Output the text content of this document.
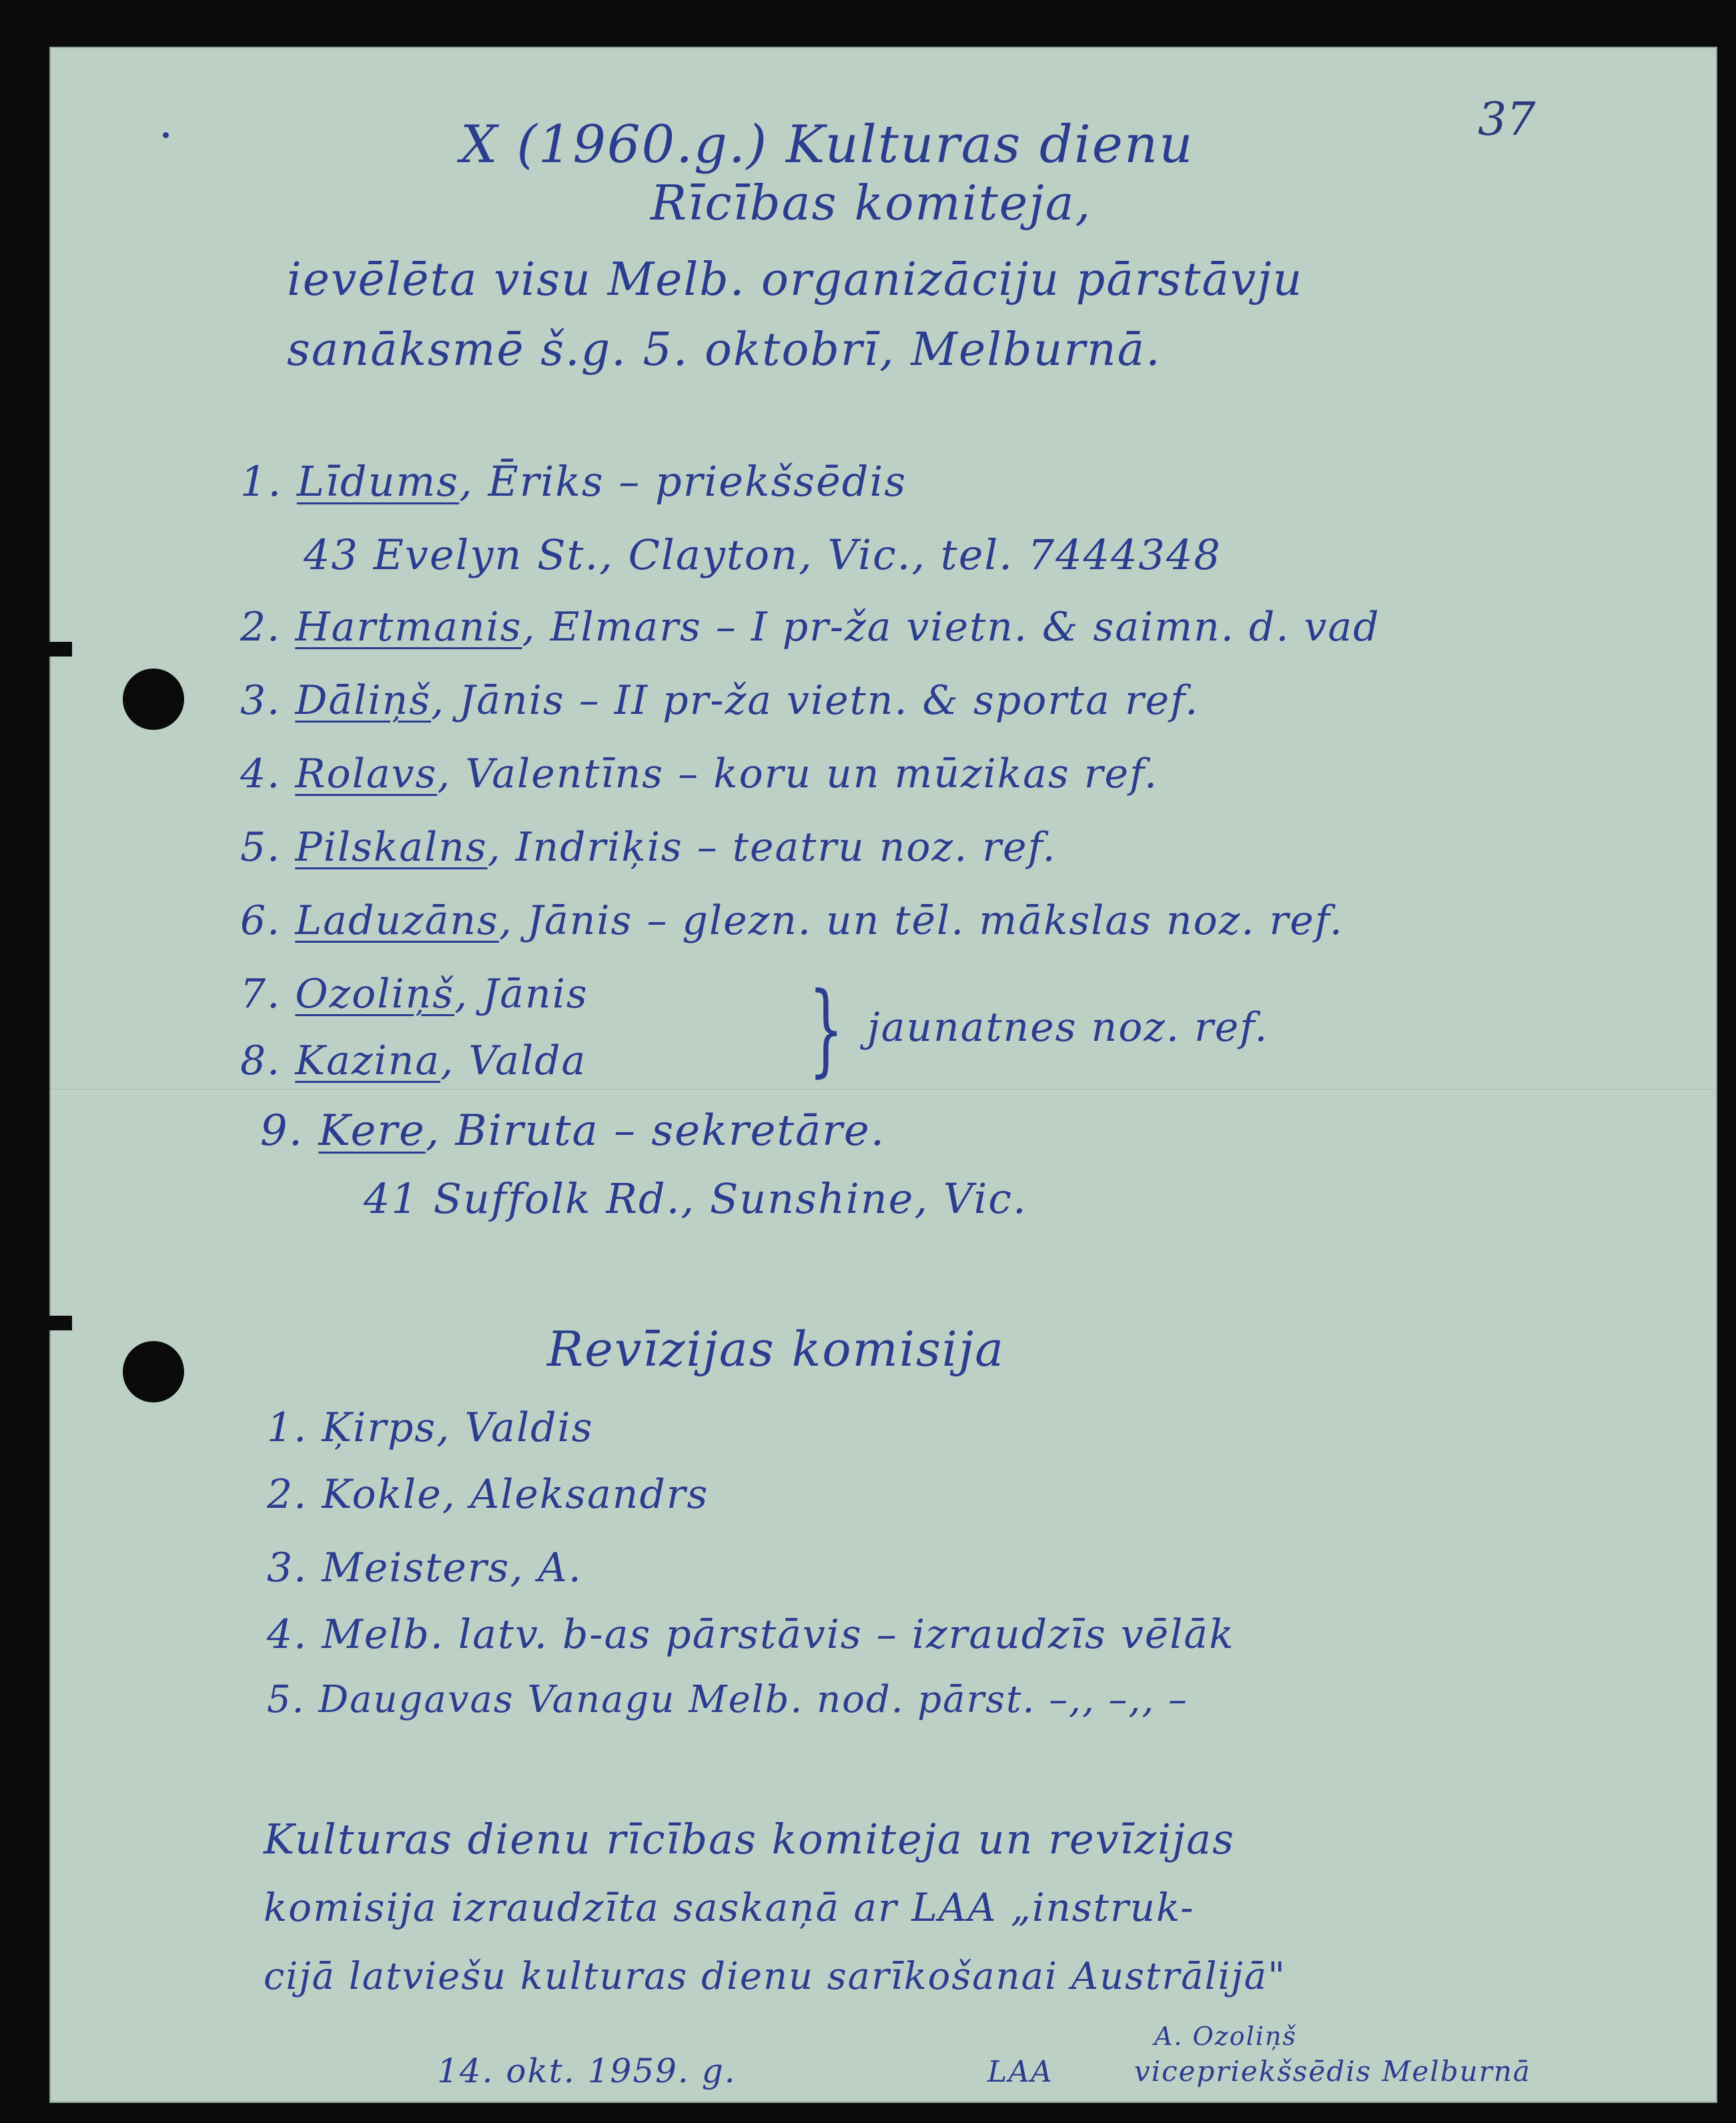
37
X (1960.g.) Kulturas dienu
Rīcības komiteja,
ievēlēta visu Melb. organizāciju pārstāvju
sanāksmē š.g. 5. oktobrī, Melburnā.
1. Līdums, Ēriks – priekšsēdis
43 Evelyn St., Clayton, Vic., tel. 7444348
2. Hartmanis, Elmars – I pr-ža vietn. & saimn. d. vad
3. Dāliņš, Jānis – II pr-ža vietn. & sporta ref.
4. Rolavs, Valentīns – koru un mūzikas ref.
5. Pilskalns, Indriķis – teatru noz. ref.
6. Laduzāns, Jānis – glezn. un tēl. mākslas noz. ref.
7. Ozoliņš, Jānis
8. Kazina, Valda } jaunatnes noz. ref.
9. Kere, Biruta – sekretāre.
41 Suffolk Rd., Sunshine, Vic.
Revīzijas komisija
1. Ķirps, Valdis
2. Kokle, Aleksandrs
3. Meisters, A.
4. Melb. latv. b-as pārstāvis – izraudzīs vēlāk
5. Daugavas Vanagu Melb. nod. pārst. –,, –,, –
Kulturas dienu rīcības komiteja un revīzijas
komisija izraudzīta saskaņā ar LAA „instruk-
cijā latviešu kulturas dienu sarīkošanai Austrālijā"
14. okt. 1959. g.
A. Ozoliņš
LAA	vicepriekšsēdis Melburnā
